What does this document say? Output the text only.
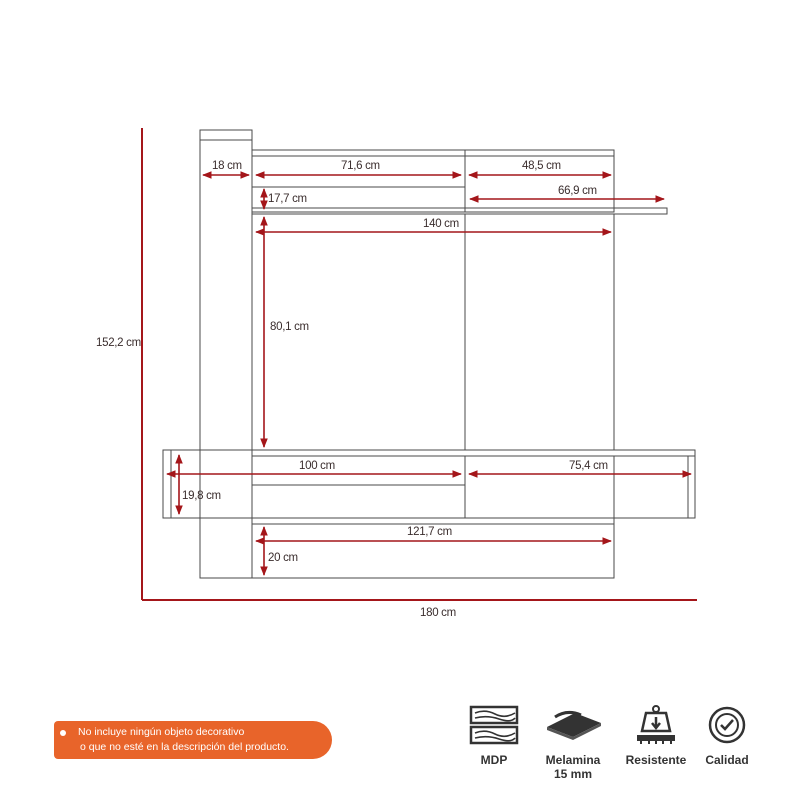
152,2 cm
180 cm
18 cm	71,6 cm	48,5 cm
17,7 cm
66,9 cm
140 cm
80,1 cm
100 cm	75,4 cm
19,8 cm
121,7 cm
20 cm
No incluye ningún objeto decorativo
o que no esté en la descripción del producto.
MDP	Melamina
15 mm
Resistente	Calidad
